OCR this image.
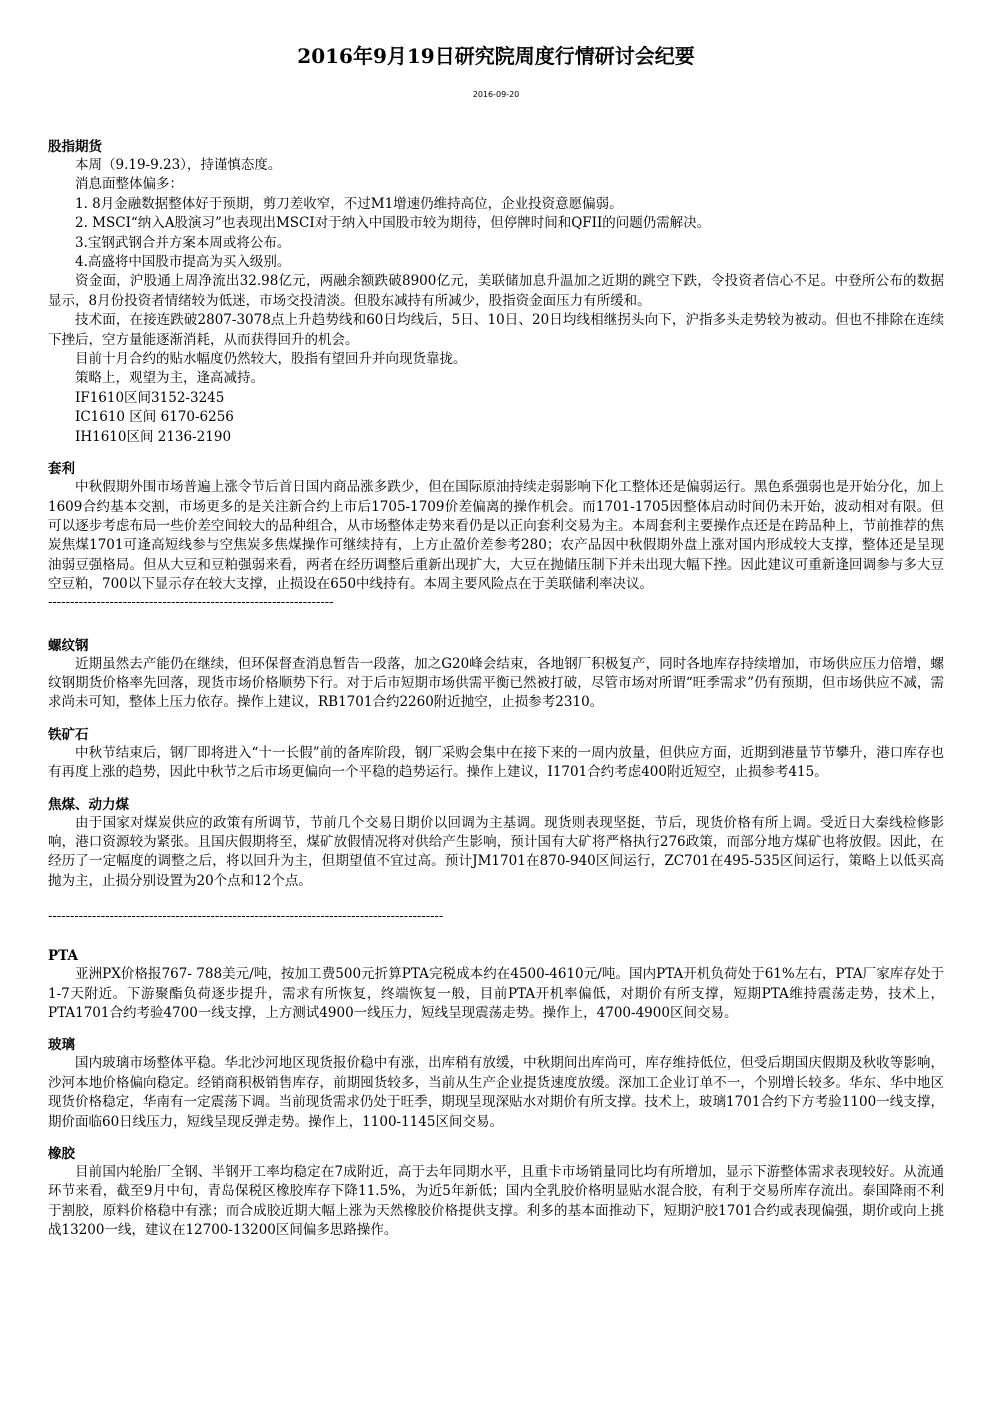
2016年9月19日研究院周度行情研讨会纪要
2016-09-20
股指期货
本周（9.19-9.23），持谨慎态度。
消息面整体偏多：
1. 8月金融数据整体好于预期，剪刀差收窄，不过M1增速仍维持高位，企业投资意愿偏弱。
2. MSCI“纳入A股演习”也表现出MSCI对于纳入中国股市较为期待，但停牌时间和QFII的问题仍需解决。
3.宝钢武钢合并方案本周或将公布。
4.高盛将中国股市提高为买入级别。

资金面，沪股通上周净流出32.98亿元，两融余额跌破8900亿元，美联储加息升温加之近期的跳空下跌，令投资者信心不足。中登所公布的数据显示，8月份投资者情绪较为低迷，市场交投清淡。但股东减持有所减少，股指资金面压力有所缓和。

技术面，在接连跌破2807-3078点上升趋势线和60日均线后，5日、10日、20日均线相继拐头向下，沪指多头走势较为被动。但也不排除在连续下挫后，空方量能逐渐消耗，从而获得回升的机会。

目前十月合约的贴水幅度仍然较大，股指有望回升并向现货靠拢。
策略上，观望为主，逢高减持。
IF1610区间3152-3245
IC1610 区间 6170-6256
IH1610区间 2136-2190
套利

中秋假期外围市场普遍上涨令节后首日国内商品涨多跌少，但在国际原油持续走弱影响下化工整体还是偏弱运行。黑色系强弱也是开始分化，加上1609合约基本交割，市场更多的是关注新合约上市后1705-1709价差偏离的操作机会。而1701-1705因整体启动时间仍未开始，波动相对有限。但可以逐步考虑布局一些价差空间较大的品种组合，从市场整体走势来看仍是以正向套利交易为主。本周套利主要操作点还是在跨品种上，节前推荐的焦炭焦煤1701可逢高短线参与空焦炭多焦煤操作可继续持有，上方止盈价差参考280；农产品因中秋假期外盘上涨对国内形成较大支撑，整体还是呈现油弱豆强格局。但从大豆和豆粕强弱来看，两者在经历调整后重新出现扩大，大豆在抛储压制下并未出现大幅下挫。因此建议可重新逢回调参与多大豆空豆粕，700以下显示存在较大支撑，止损设在650中线持有。本周主要风险点在于美联储利率决议。

-----------------------------------------------------------------
螺纹钢

近期虽然去产能仍在继续，但环保督查消息暂告一段落，加之G20峰会结束，各地钢厂积极复产，同时各地库存持续增加，市场供应压力倍增，螺纹钢期货价格率先回落，现货市场价格顺势下行。对于后市短期市场供需平衡已然被打破，尽管市场对所谓“旺季需求”仍有预期，但市场供应不减，需求尚未可知，整体上压力依存。操作上建议，RB1701合约2260附近抛空，止损参考2310。

铁矿石

中秋节结束后，钢厂即将进入“十一长假”前的备库阶段，钢厂采购会集中在接下来的一周内放量，但供应方面，近期到港量节节攀升，港口库存也有再度上涨的趋势，因此中秋节之后市场更偏向一个平稳的趋势运行。操作上建议，I1701合约考虑400附近短空，止损参考415。

焦煤、动力煤

由于国家对煤炭供应的政策有所调节，节前几个交易日期价以回调为主基调。现货则表现坚挺，节后，现货价格有所上调。受近日大秦线检修影响，港口资源较为紧张。且国庆假期将至，煤矿放假情况将对供给产生影响，预计国有大矿将严格执行276政策，而部分地方煤矿也将放假。因此，在经历了一定幅度的调整之后，将以回升为主，但期望值不宜过高。预计JM1701在870-940区间运行，ZC701在495-535区间运行，策略上以低买高抛为主，止损分别设置为20个点和12个点。

------------------------------------------------------------------------------------------
PTA

亚洲PX价格报767- 788美元/吨，按加工费500元折算PTA完税成本约在4500-4610元/吨。国内PTA开机负荷处于61%左右，PTA厂家库存处于1-7天附近。下游聚酯负荷逐步提升，需求有所恢复，终端恢复一般，目前PTA开机率偏低，对期价有所支撑，短期PTA维持震荡走势，技术上，PTA1701合约考验4700一线支撑，上方测试4900一线压力，短线呈现震荡走势。操作上，4700-4900区间交易。

玻璃

国内玻璃市场整体平稳。华北沙河地区现货报价稳中有涨，出库稍有放缓，中秋期间出库尚可，库存维持低位，但受后期国庆假期及秋收等影响，沙河本地价格偏向稳定。经销商积极销售库存，前期囤货较多，当前从生产企业提货速度放缓。深加工企业订单不一，个别增长较多。华东、华中地区现货价格稳定，华南有一定震荡下调。当前现货需求仍处于旺季，期现呈现深贴水对期价有所支撑。技术上，玻璃1701合约下方考验1100一线支撑，期价面临60日线压力，短线呈现反弹走势。操作上，1100-1145区间交易。

橡胶

目前国内轮胎厂全钢、半钢开工率均稳定在7成附近，高于去年同期水平，且重卡市场销量同比均有所增加，显示下游整体需求表现较好。从流通环节来看，截至9月中旬，青岛保税区橡胶库存下降11.5%，为近5年新低；国内全乳胶价格明显贴水混合胶，有利于交易所库存流出。泰国降雨不利于割胶，原料价格稳中有涨；而合成胶近期大幅上涨为天然橡胶价格提供支撑。利多的基本面推动下，短期沪胶1701合约或表现偏强，期价或向上挑战13200一线，建议在12700-13200区间偏多思路操作。
